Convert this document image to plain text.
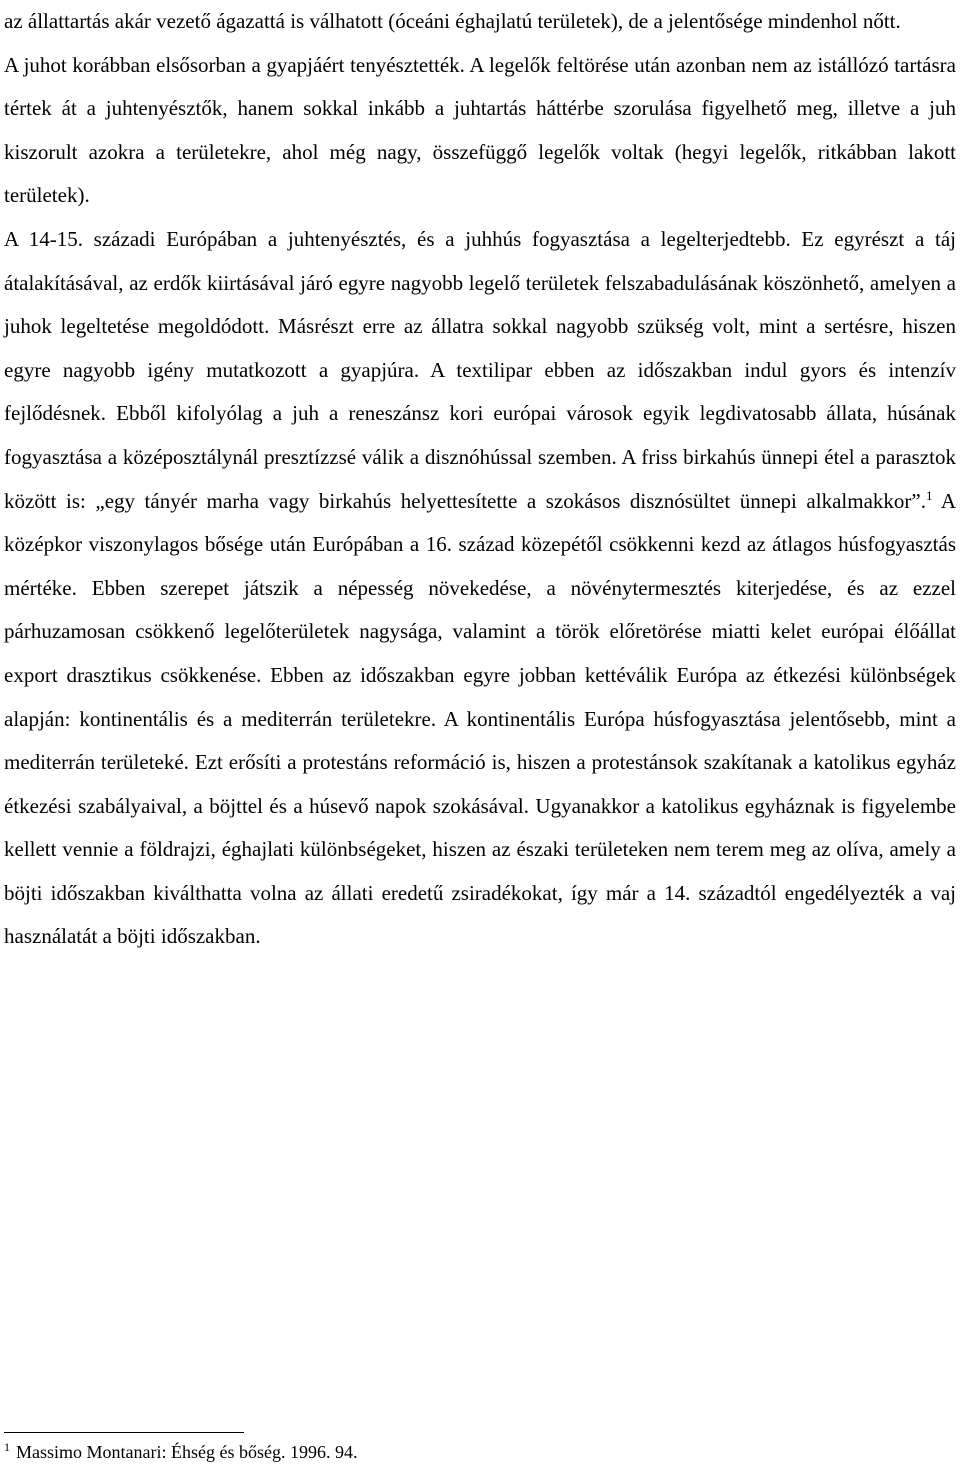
az állattartás akár vezető ágazattá is válhatott (óceáni éghajlatú területek), de a jelentősége mindenhol nőtt.

A juhot korábban elsősorban a gyapjáért tenyésztették. A legelők feltörése után azonban nem az istállózó tartásra tértek át a juhtenyésztők, hanem sokkal inkább a juhtartás háttérbe szorulása figyelhető meg, illetve a juh kiszorult azokra a területekre, ahol még nagy, összefüggő legelők voltak (hegyi legelők, ritkábban lakott területek).

A 14-15. századi Európában a juhtenyésztés, és a juhhús fogyasztása a legelterjedtebb. Ez egyrészt a táj átalakításával, az erdők kiirtásával járó egyre nagyobb legelő területek felszabadulásának köszönhető, amelyen a juhok legeltetése megoldódott. Másrészt erre az állatra sokkal nagyobb szükség volt, mint a sertésre, hiszen egyre nagyobb igény mutatkozott a gyapjúra. A textilipar ebben az időszakban indul gyors és intenzív fejlődésnek. Ebből kifolyólag a juh a reneszánsz kori európai városok egyik legdivatosabb állata, húsának fogyasztása a középosztálynál presztízzsé válik a disznóhússal szemben. A friss birkahús ünnepi étel a parasztok között is: „egy tányér marha vagy birkahús helyettesítette a szokásos disznósültet ünnepi alkalmakkor”.$^1$ A középkor viszonylagos bősége után Európában a 16. század közepétől csökkenni kezd az átlagos húsfogyasztás mértéke. Ebben szerepet játszik a népesség növekedése, a növénytermesztés kiterjedése, és az ezzel párhuzamosan csökkenő legelőterületek nagysága, valamint a török előretörése miatti kelet európai élőállat export drasztikus csökkenése. Ebben az időszakban egyre jobban kettéválik Európa az étkezési különbségek alapján: kontinentális és a mediterrán területekre. A kontinentális Európa húsfogyasztása jelentősebb, mint a mediterrán területeké. Ezt erősíti a protestáns reformáció is, hiszen a protestánsok szakítanak a katolikus egyház étkezési szabályaival, a böjttel és a húsevő napok szokásával. Ugyanakkor a katolikus egyháznak is figyelembe kellett vennie a földrajzi, éghajlati különbségeket, hiszen az északi területeken nem terem meg az olíva, amely a böjti időszakban kiválthatta volna az állati eredetű zsiradékokat, így már a 14. századtól engedélyezték a vaj használatát a böjti időszakban.

$^1$ Massimo Montanari: Éhség és bőség. 1996. 94.
